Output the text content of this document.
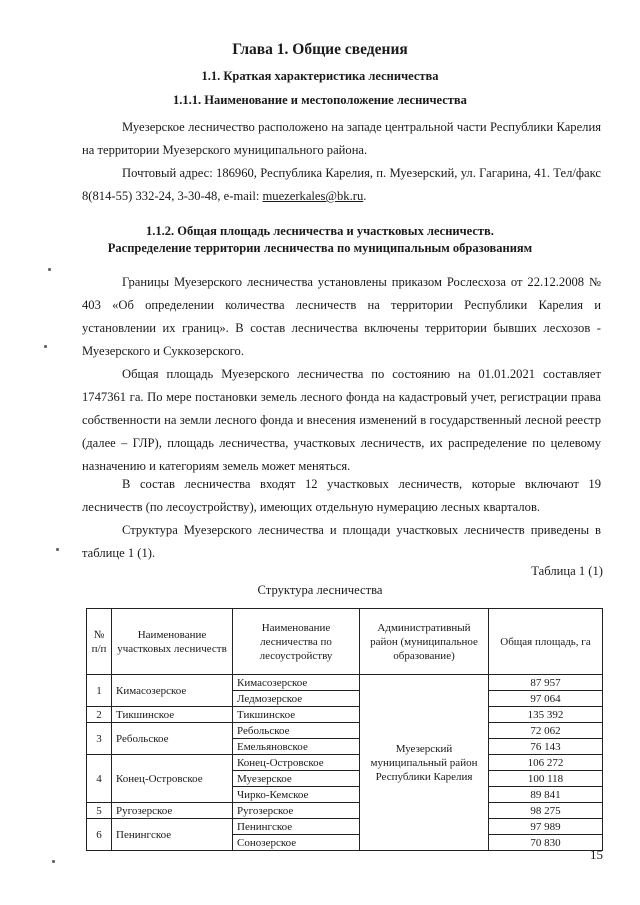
Глава 1. Общие сведения
1.1. Краткая характеристика лесничества
1.1.1. Наименование и местоположение лесничества

Муезерское лесничество расположено на западе центральной части Республики Карелия на территории Муезерского муниципального района.

Почтовый адрес: 186960, Республика Карелия, п. Муезерский, ул. Гагарина, 41. Тел/факс 8(814-55) 332-24, 3-30-48, e-mail: muezerkales@bk.ru.

1.1.2. Общая площадь лесничества и участковых лесничеств.
Распределение территории лесничества по муниципальным образованиям

Границы Муезерского лесничества установлены приказом Рослесхоза от 22.12.2008 № 403 «Об определении количества лесничеств на территории Республики Карелия и установлении их границ». В состав лесничества включены территории бывших лесхозов - Муезерского и Суккозерского.

Общая площадь Муезерского лесничества по состоянию на 01.01.2021 составляет 1747361 га. По мере постановки земель лесного фонда на кадастровый учет, регистрации права собственности на земли лесного фонда и внесения изменений в государственный лесной реестр (далее – ГЛР), площадь лесничества, участковых лесничеств, их распределение по целевому назначению и категориям земель может меняться.

В состав лесничества входят 12 участковых лесничеств, которые включают 19 лесничеств (по лесоустройству), имеющих отдельную нумерацию лесных кварталов.

Структура Муезерского лесничества и площади участковых лесничеств приведены в таблице 1 (1).

Таблица 1 (1)
Структура лесничества
№ п/п	Наименование участковых лесничеств	Наименование лесничества по лесоустройству	Административный район (муниципальное образование)	Общая площадь, га
1	Кимасозерское	Кимасозерское	Муезерский муниципальный район Республики Карелия	87 957
		Ледмозерское		97 064
2	Тикшинское	Тикшинское		135 392
3	Ребольское	Ребольское		72 062
		Емельяновское		76 143
4	Конец-Островское	Конец-Островское		106 272
		Муезерское		100 118
		Чирко-Кемское		89 841
5	Ругозерское	Ругозерское		98 275
6	Пенингское	Пенингское		97 989
		Сонозерское		70 830
15
